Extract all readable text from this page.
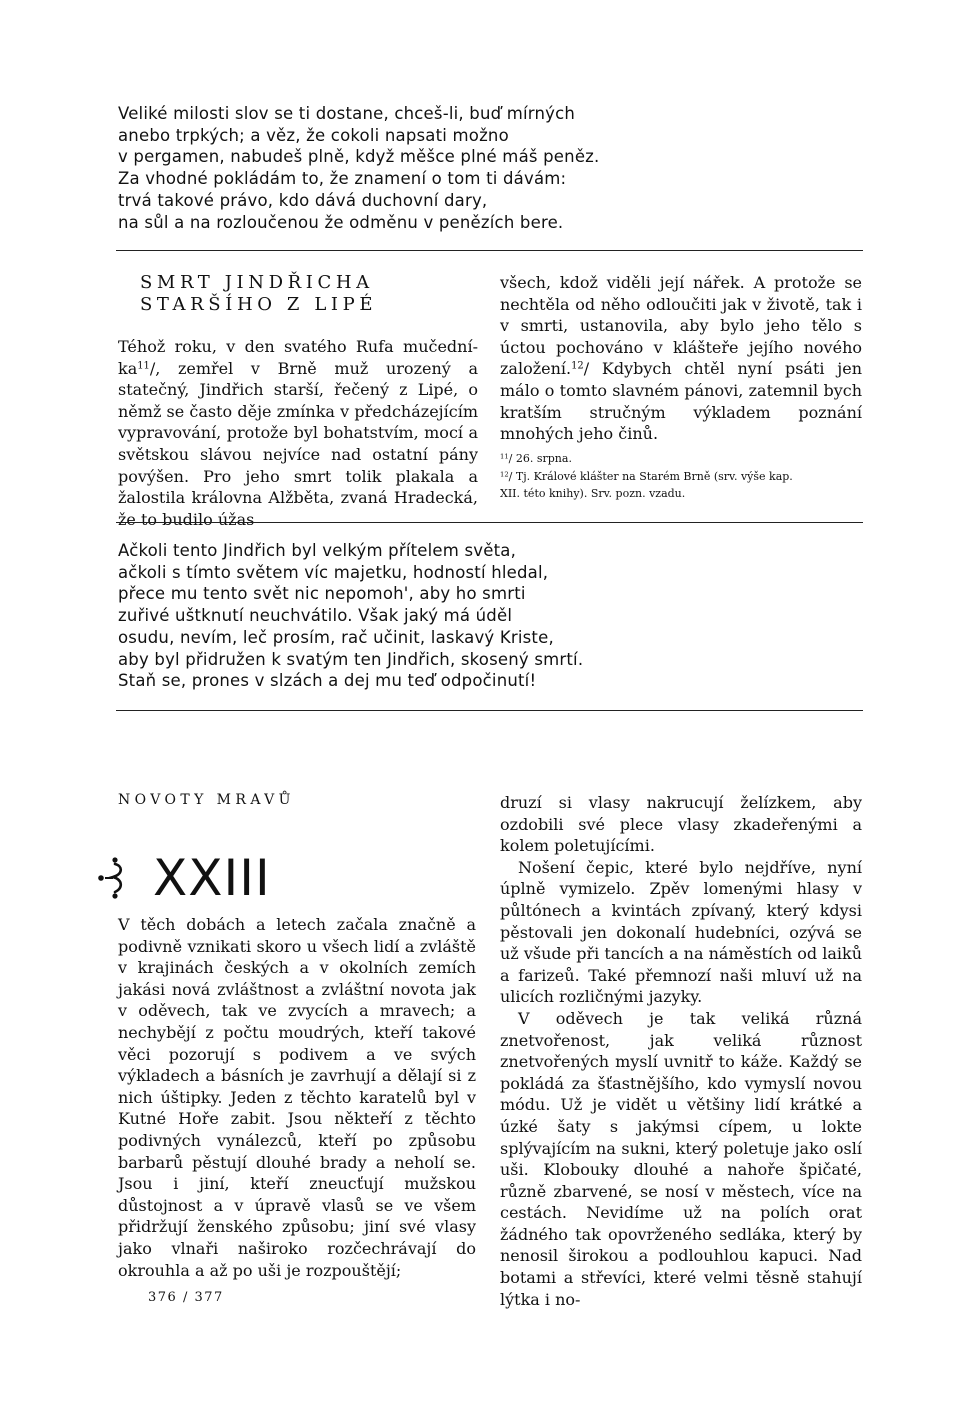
Veliké milosti slov se ti dostane, chceš-li, buď mírných
anebo trpkých; a věz, že cokoli napsati možno
v pergamen, nabudeš plně, když měšce plné máš peněz.
Za vhodné pokládám to, že znamení o tom ti dávám:
trvá takové právo, kdo dává duchovní dary,
na sůl a na rozloučenou že odměnu v penězích bere.
SMRT JINDŘICHA
STARŠÍHO Z LIPÉ

Téhož roku, v den svatého Rufa mučední-$ka^{11}/$, zemřel v Brně muž urozený a statečný, Jindřich starší, řečený z Lipé, o němž se často děje zmínka v předcházejícím vypravování, protože byl bohatstvím, mocí a světskou slávou nejvíce nad ostatní pány povýšen. Pro jeho smrt tolik plakala a žalostila královna Alžběta, zvaná Hradecká, že to budilo úžas

všech, kdož viděli její nářek. A protože se nechtěla od něho odloučiti jak v životě, tak i v smrti, ustanovila, aby bylo jeho tělo s úctou pochováno v klášteře jejího nového založení.$^{12}$/ Kdybych chtěl nyní psáti jen málo o tomto slavném pánovi, zatemnil bych kratším stručným výkladem poznání mnohých jeho činů.

$^{11}$/ 26. srpna.
$^{12}$/ Tj. Králové klášter na Starém Brně (srv. výše kap.
XII. této knihy). Srv. pozn. vzadu.
Ačkoli tento Jindřich byl velkým přítelem světa,
ačkoli s tímto světem víc majetku, hodností hledal,
přece mu tento svět nic nepomoh', aby ho smrti
zuřivé uštknutí neuchvátilo. Však jaký má úděl
osudu, nevím, leč prosím, rač učinit, laskavý Kriste,
aby byl přidružen k svatým ten Jindřich, skosený smrtí.
Staň se, prones v slzách a dej mu teď odpočinutí!
NOVOTY MRAVŮ
XXIII

V těch dobách a letech začala značně a podivně vznikati skoro u všech lidí a zvláště v krajinách českých a v okolních zemích jakási nová zvláštnost a zvláštní novota jak v oděvech, tak ve zvycích a mravech; a nechybějí z počtu moudrých, kteří takové věci pozorují s podivem a ve svých výkladech a básních je zavrhují a dělají si z nich úštipky. Jeden z těchto karatelů byl v Kutné Hoře zabit. Jsou někteří z těchto podivných vynálezců, kteří po způsobu barbarů pěstují dlouhé brady a neholí se. Jsou i jiní, kteří zneucťují mužskou důstojnost a v úpravě vlasů se ve všem přidržují ženského způsobu; jiní své vlasy jako vlnaři naširoko rozčechrávají do okrouhla a až po uši je rozpouštějí;

druzí si vlasy nakrucují želízkem, aby ozdobili své plece vlasy zkadeřenými a kolem poletujícími.

Nošení čepic, které bylo nejdříve, nyní úplně vymizelo. Zpěv lomenými hlasy v půltónech a kvintách zpívaný, který kdysi pěstovali jen dokonalí hudebníci, ozývá se už všude při tancích a na náměstích od laiků a farizeů. Také přemnozí naši mluví už na ulicích rozličnými jazyky.

V oděvech je tak veliká různá znetvořenost, jak veliká různost znetvořených myslí uvnitř to káže. Každý se pokládá za šťastnějšího, kdo vymyslí novou módu. Už je vidět u většiny lidí krátké a úzké šaty s jakýmsi cípem, u lokte splývajícím na sukni, který poletuje jako oslí uši. Klobouky dlouhé a nahoře špičaté, různě zbarvené, se nosí v městech, více na cestách. Nevidíme už na polích orat žádného tak opovrženého sedláka, který by nenosil širokou a podlouhlou kapuci. Nad botami a střevíci, které velmi těsně stahují lýtka i no-

376 / 377
